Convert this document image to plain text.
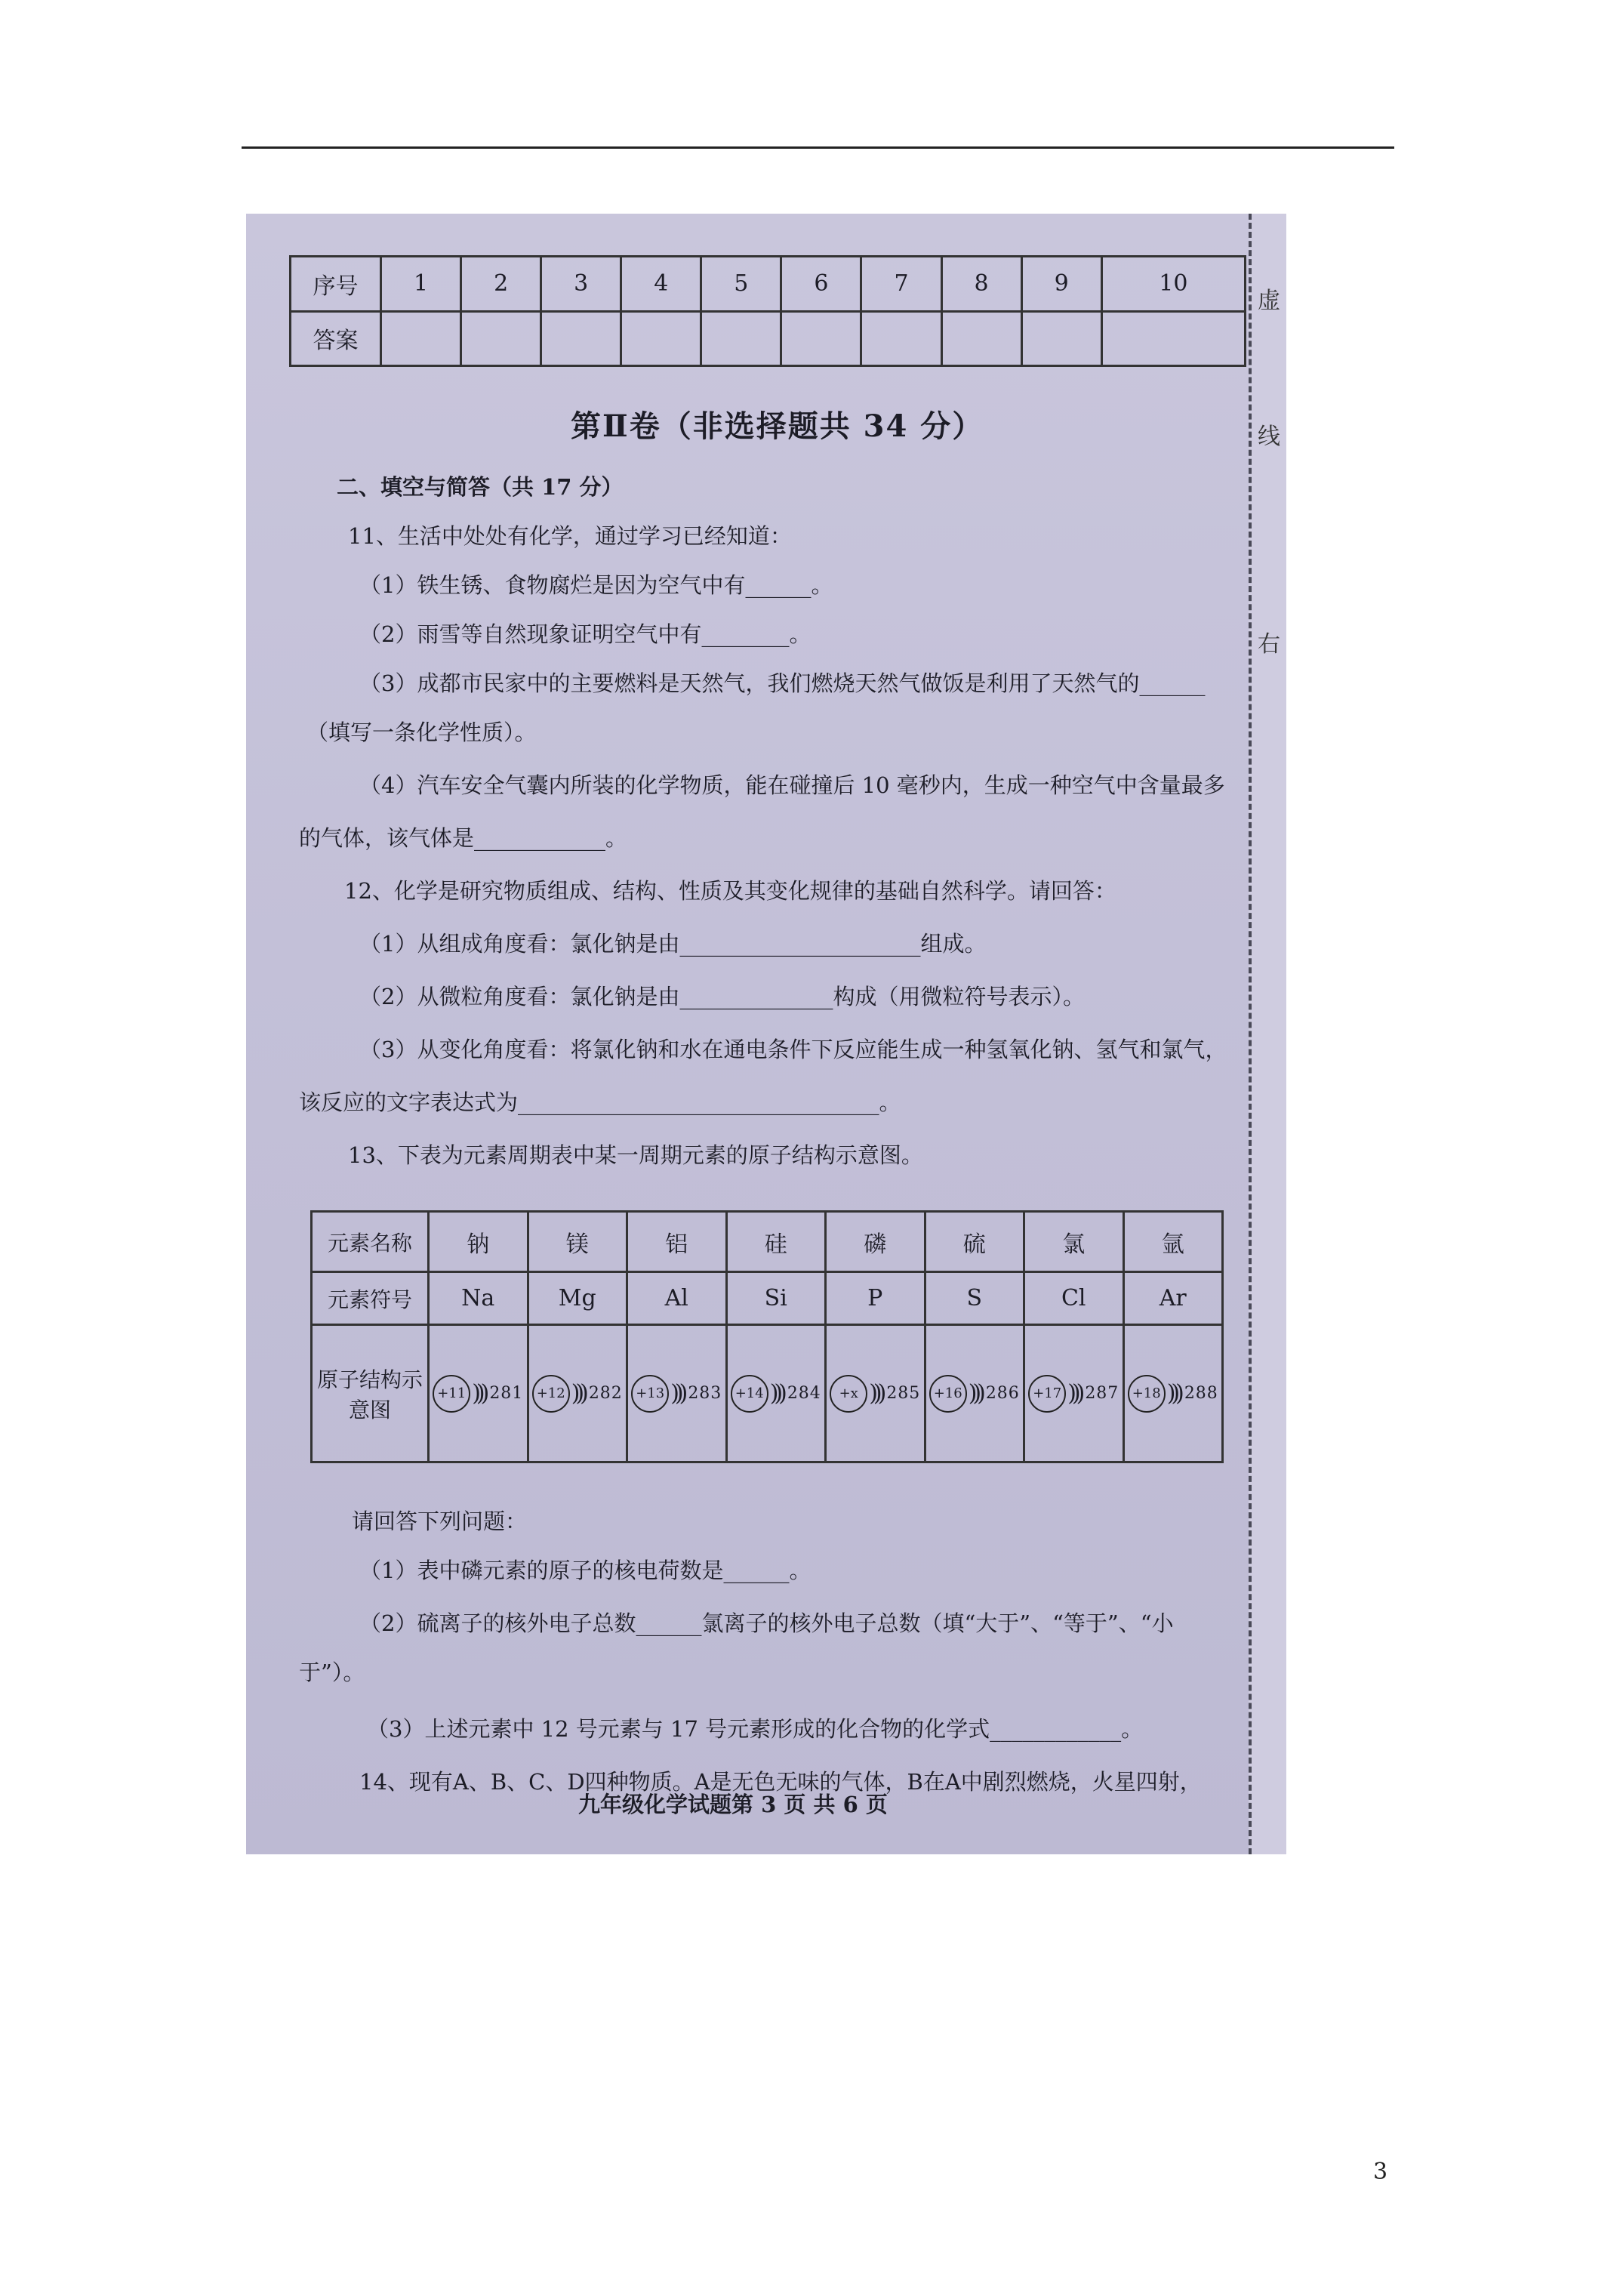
虚
线
右
序号	1	2	3	4	5	6	7	8	9	10
答案										
第Ⅱ卷（非选择题共 34 分）
二、填空与简答（共 17 分）
11、生活中处处有化学，通过学习已经知道：
（1）铁生锈、食物腐烂是因为空气中有______。
（2）雨雪等自然现象证明空气中有________。
（3）成都市民家中的主要燃料是天然气，我们燃烧天然气做饭是利用了天然气的______
（填写一条化学性质）。
（4）汽车安全气囊内所装的化学物质，能在碰撞后 10 毫秒内，生成一种空气中含量最多
的气体，该气体是____________。
12、化学是研究物质组成、结构、性质及其变化规律的基础自然科学。请回答：
（1）从组成角度看：氯化钠是由______________________组成。
（2）从微粒角度看：氯化钠是由______________构成（用微粒符号表示）。
（3）从变化角度看：将氯化钠和水在通电条件下反应能生成一种氢氧化钠、氢气和氯气，
该反应的文字表达式为_________________________________。
13、下表为元素周期表中某一周期元素的原子结构示意图。
元素名称	钠	镁	铝	硅	磷	硫	氯	氩
元素符号	Na	Mg	Al	Si	P	S	Cl	Ar
原子结构示意图	+11 ))) 281	+12 ))) 282	+13 ))) 283	+14 ))) 284	+x ))) 285	+16 ))) 286	+17 ))) 287	+18 ))) 288
请回答下列问题：
（1）表中磷元素的原子的核电荷数是______。
（2）硫离子的核外电子总数______氯离子的核外电子总数（填“大于”、“等于”、“小
于”）。
（3）上述元素中 12 号元素与 17 号元素形成的化合物的化学式____________。
14、现有A、B、C、D四种物质。A是无色无味的气体，B在A中剧烈燃烧，火星四射，
九年级化学试题第 3 页 共 6 页
3
